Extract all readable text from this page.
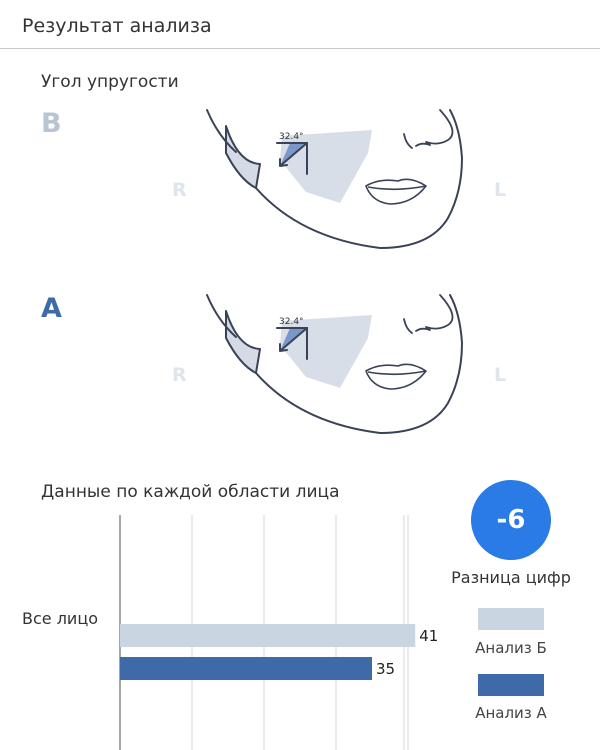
Результат анализа
Угол упругости
B	32.4°
R	L
A	32.4°
R	L
Данные по каждой области лица
Все лицо
41
35
-6
Разница цифр
Анализ Б
Анализ А
